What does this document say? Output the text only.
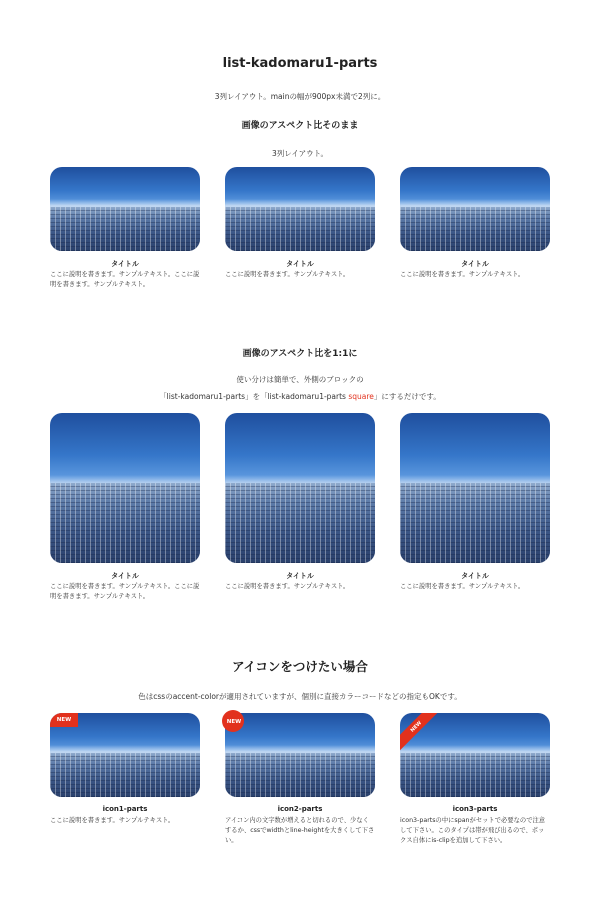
list-kadomaru1-parts
3列レイアウト。mainの幅が900px未満で2列に。
画像のアスペクト比そのまま
3列レイアウト。
タイトル
ここに説明を書きます。サンプルテキスト。ここに説明を書きます。サンプルテキスト。
タイトル
ここに説明を書きます。サンプルテキスト。
タイトル
ここに説明を書きます。サンプルテキスト。
画像のアスペクト比を1:1に
使い分けは簡単で、外側のブロックの
「list-kadomaru1-parts」を「list-kadomaru1-parts square」にするだけです。
タイトル
ここに説明を書きます。サンプルテキスト。ここに説明を書きます。サンプルテキスト。
タイトル
ここに説明を書きます。サンプルテキスト。
タイトル
ここに説明を書きます。サンプルテキスト。
アイコンをつけたい場合
色はcssのaccent-colorが適用されていますが、個別に直接カラーコードなどの指定もOKです。
NEW
icon1-parts
ここに説明を書きます。サンプルテキスト。
NEW
icon2-parts
アイコン内の文字数が増えると切れるので、少なくするか、cssでwidthとline-heightを大きくして下さい。
NEW
icon3-parts
icon3-partsの中にspanがセットで必要なので注意して下さい。このタイプは帯が飛び出るので、ボックス自体にis-clipを追加して下さい。
